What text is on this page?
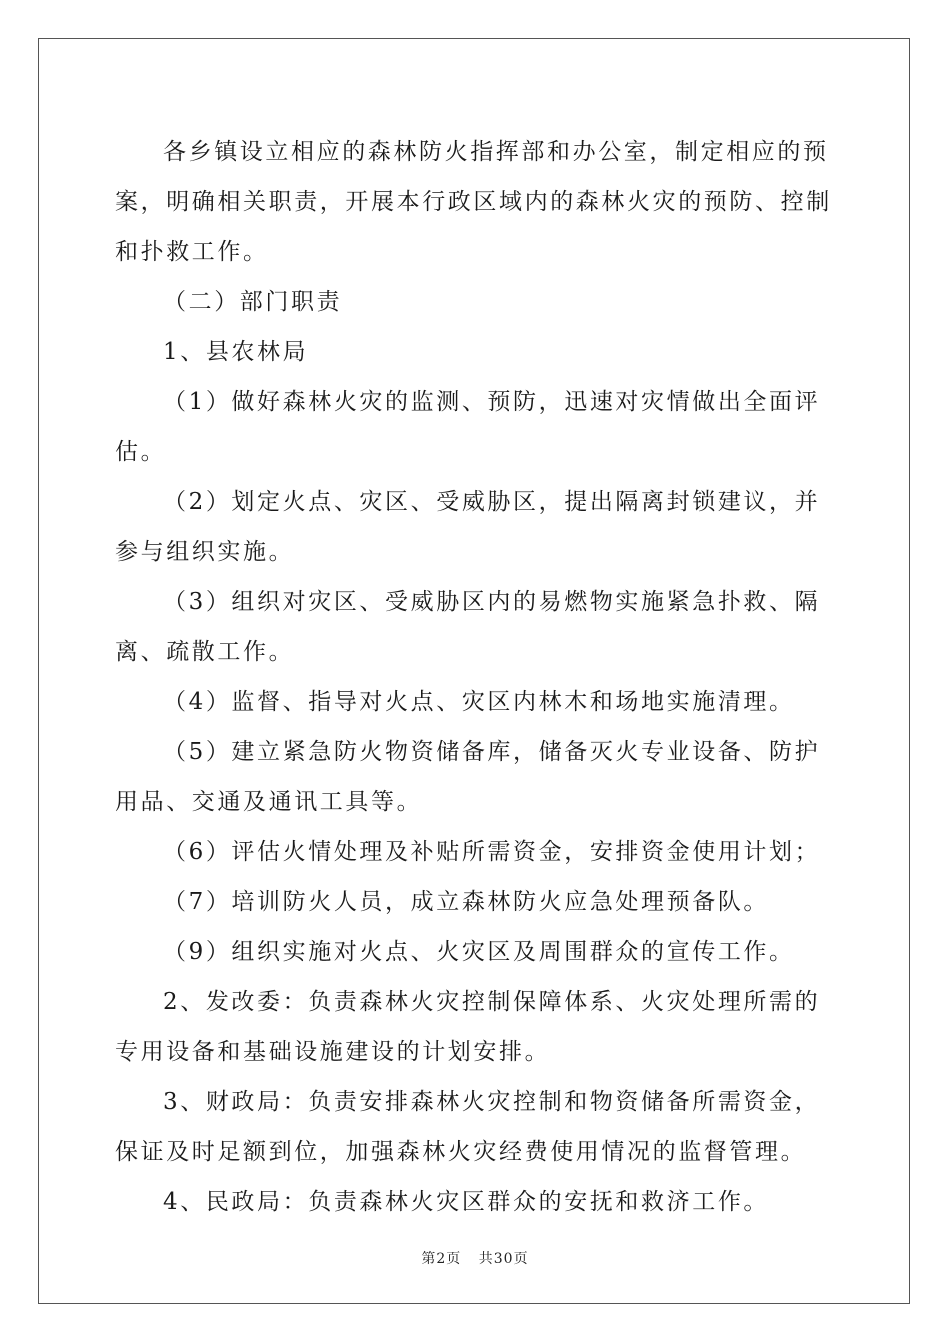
各乡镇设立相应的森林防火指挥部和办公室，制定相应的预案，明确相关职责，开展本行政区域内的森林火灾的预防、控制和扑救工作。

（二）部门职责

1、县农林局

（1）做好森林火灾的监测、预防，迅速对灾情做出全面评估。

（2）划定火点、灾区、受威胁区，提出隔离封锁建议，并参与组织实施。

（3）组织对灾区、受威胁区内的易燃物实施紧急扑救、隔离、疏散工作。

（4）监督、指导对火点、灾区内林木和场地实施清理。

（5）建立紧急防火物资储备库，储备灭火专业设备、防护用品、交通及通讯工具等。

（6）评估火情处理及补贴所需资金，安排资金使用计划；

（7）培训防火人员，成立森林防火应急处理预备队。

（9）组织实施对火点、火灾区及周围群众的宣传工作。

2、发改委：负责森林火灾控制保障体系、火灾处理所需的专用设备和基础设施建设的计划安排。

3、财政局：负责安排森林火灾控制和物资储备所需资金，保证及时足额到位，加强森林火灾经费使用情况的监督管理。

4、民政局：负责森林火灾区群众的安抚和救济工作。

第2页 共30页
